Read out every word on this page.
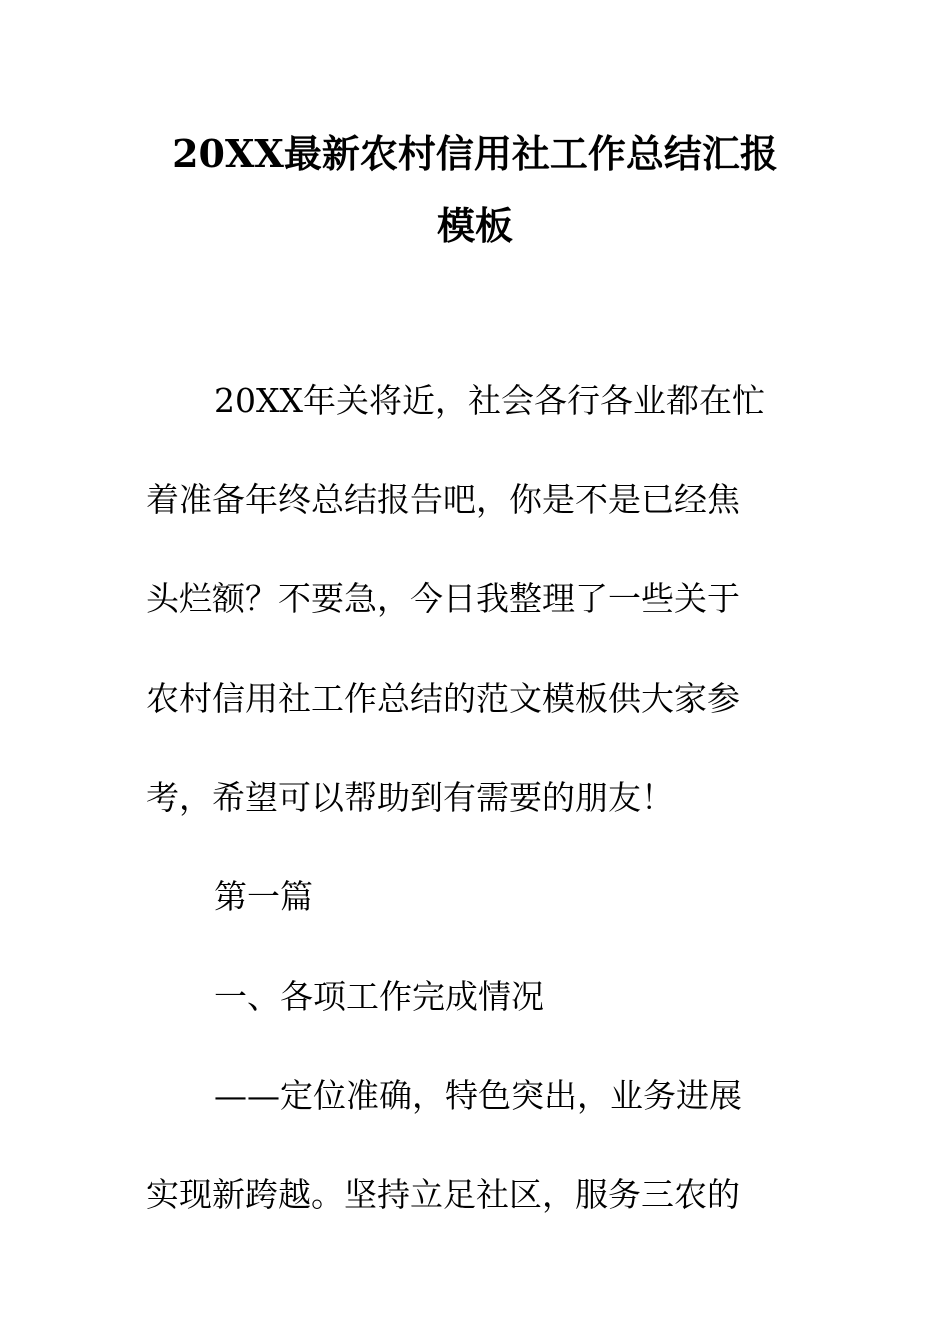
20XX最新农村信用社工作总结汇报
模板

20XX年关将近，社会各行各业都在忙

着准备年终总结报告吧，你是不是已经焦

头烂额？不要急，今日我整理了一些关于

农村信用社工作总结的范文模板供大家参

考，希望可以帮助到有需要的朋友！

第一篇

一、各项工作完成情况

——定位准确，特色突出，业务进展

实现新跨越。坚持立足社区，服务三农的
